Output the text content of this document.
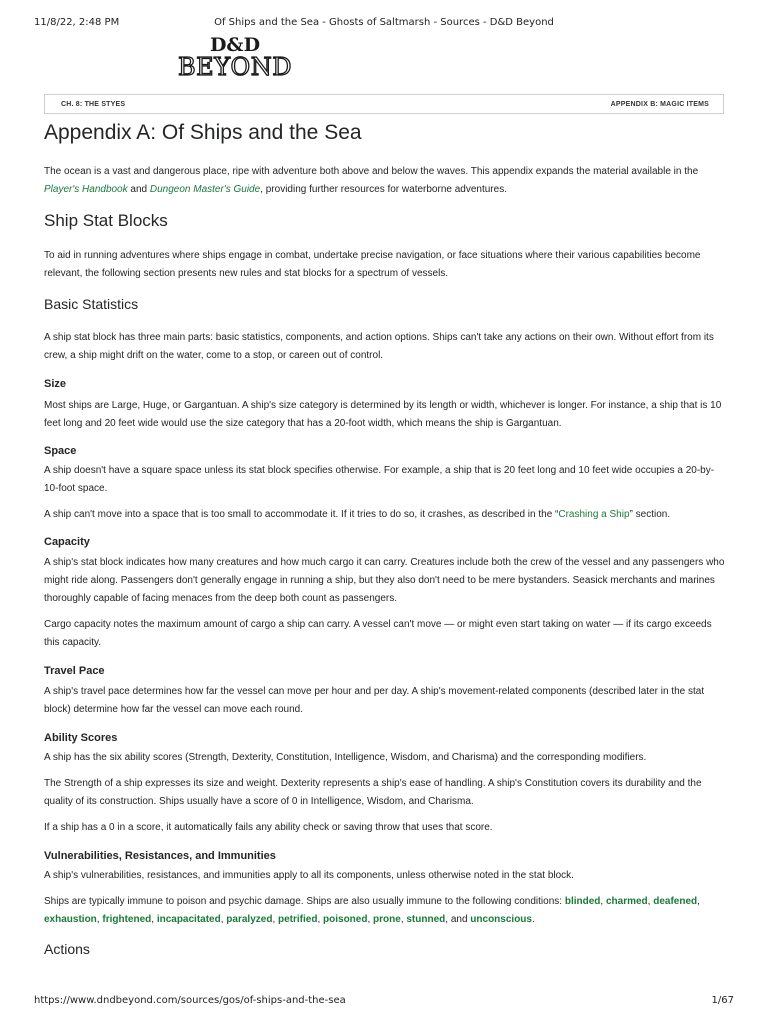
11/8/22, 2:48 PM	Of Ships and the Sea - Ghosts of Saltmarsh - Sources - D&D Beyond
D&D
BEYOND
CH. 8: THE STYES	APPENDIX B: MAGIC ITEMS
Appendix A: Of Ships and the Sea

The ocean is a vast and dangerous place, ripe with adventure both above and below the waves. This appendix expands the material available in the Player's Handbook and Dungeon Master's Guide, providing further resources for waterborne adventures.

Ship Stat Blocks

To aid in running adventures where ships engage in combat, undertake precise navigation, or face situations where their various capabilities become relevant, the following section presents new rules and stat blocks for a spectrum of vessels.

Basic Statistics

A ship stat block has three main parts: basic statistics, components, and action options. Ships can't take any actions on their own. Without effort from its crew, a ship might drift on the water, come to a stop, or careen out of control.

Size

Most ships are Large, Huge, or Gargantuan. A ship's size category is determined by its length or width, whichever is longer. For instance, a ship that is 10 feet long and 20 feet wide would use the size category that has a 20-foot width, which means the ship is Gargantuan.

Space

A ship doesn't have a square space unless its stat block specifies otherwise. For example, a ship that is 20 feet long and 10 feet wide occupies a 20-by-10-foot space.

A ship can't move into a space that is too small to accommodate it. If it tries to do so, it crashes, as described in the “Crashing a Ship” section.

Capacity

A ship's stat block indicates how many creatures and how much cargo it can carry. Creatures include both the crew of the vessel and any passengers who might ride along. Passengers don't generally engage in running a ship, but they also don't need to be mere bystanders. Seasick merchants and marines thoroughly capable of facing menaces from the deep both count as passengers.

Cargo capacity notes the maximum amount of cargo a ship can carry. A vessel can't move — or might even start taking on water — if its cargo exceeds this capacity.

Travel Pace

A ship's travel pace determines how far the vessel can move per hour and per day. A ship's movement-related components (described later in the stat block) determine how far the vessel can move each round.

Ability Scores

A ship has the six ability scores (Strength, Dexterity, Constitution, Intelligence, Wisdom, and Charisma) and the corresponding modifiers.

The Strength of a ship expresses its size and weight. Dexterity represents a ship's ease of handling. A ship's Constitution covers its durability and the quality of its construction. Ships usually have a score of 0 in Intelligence, Wisdom, and Charisma.

If a ship has a 0 in a score, it automatically fails any ability check or saving throw that uses that score.

Vulnerabilities, Resistances, and Immunities

A ship's vulnerabilities, resistances, and immunities apply to all its components, unless otherwise noted in the stat block.

Ships are typically immune to poison and psychic damage. Ships are also usually immune to the following conditions: blinded, charmed, deafened, exhaustion, frightened, incapacitated, paralyzed, petrified, poisoned, prone, stunned, and unconscious.

Actions
https://www.dndbeyond.com/sources/gos/of-ships-and-the-sea	1/67
